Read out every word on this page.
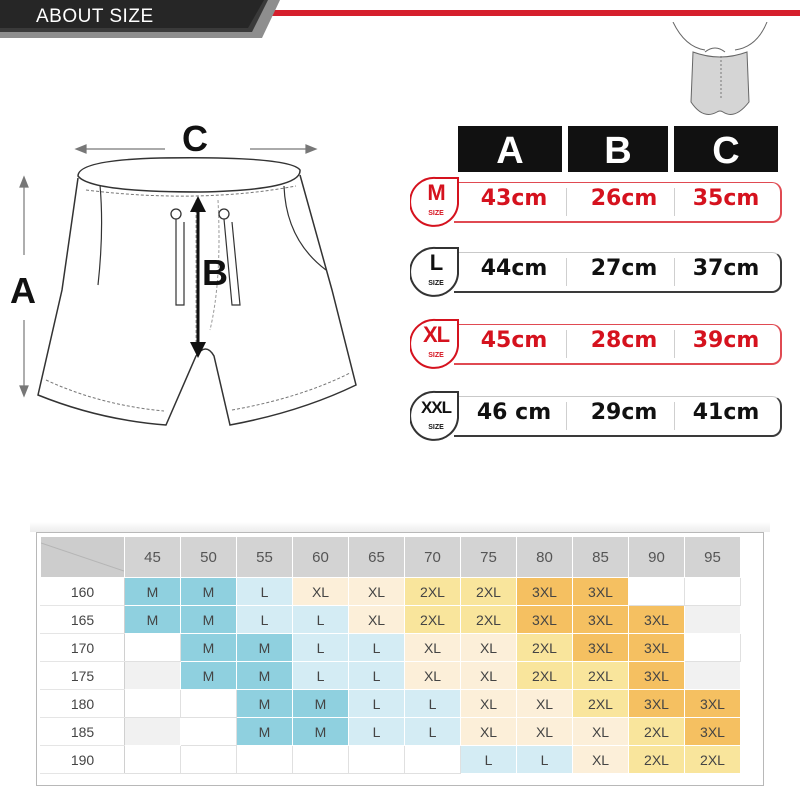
ABOUT SIZE
C
A	B
A	B	C
M
SIZE
43cm	26cm	35cm
L
SIZE
44cm	27cm	37cm
XL
SIZE
45cm	28cm	39cm
XXL
SIZE
46 cm	29cm	41cm
	45	50	55	60	65	70	75	80	85	90	95
160	M	M	L	XL	XL	2XL	2XL	3XL	3XL		
165	M	M	L	L	XL	2XL	2XL	3XL	3XL	3XL	
170		M	M	L	L	XL	XL	2XL	3XL	3XL	
175		M	M	L	L	XL	XL	2XL	2XL	3XL	
180			M	M	L	L	XL	XL	2XL	3XL	3XL
185			M	M	L	L	XL	XL	XL	2XL	3XL
190							L	L	XL	2XL	2XL
